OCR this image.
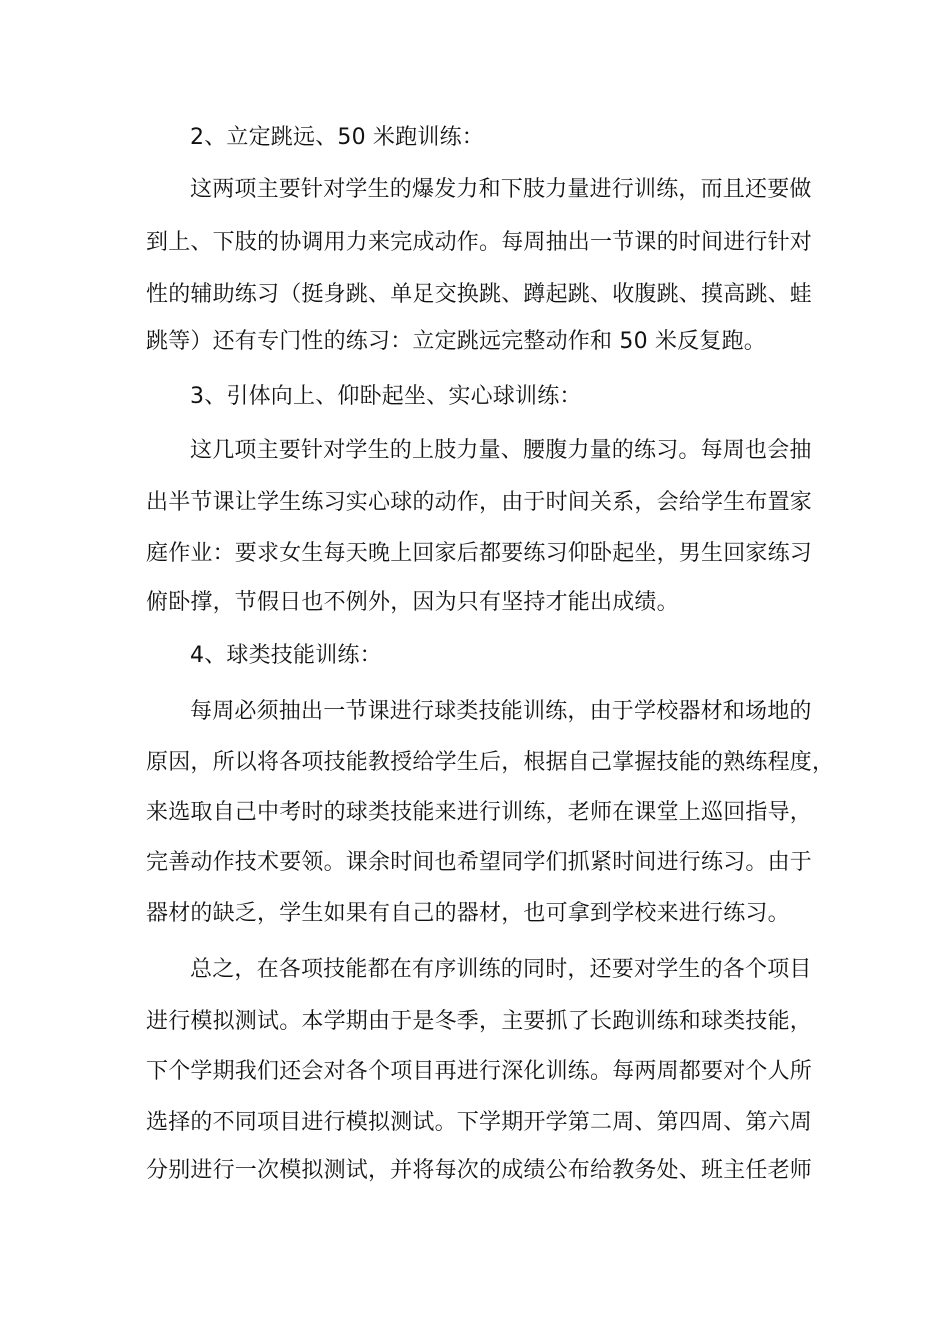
2、立定跳远、50 米跑训练：
这两项主要针对学生的爆发力和下肢力量进行训练，而且还要做
到上、下肢的协调用力来完成动作。每周抽出一节课的时间进行针对
性的辅助练习（挺身跳、单足交换跳、蹲起跳、收腹跳、摸高跳、蛙
跳等）还有专门性的练习：立定跳远完整动作和 50 米反复跑。
3、引体向上、仰卧起坐、实心球训练：
这几项主要针对学生的上肢力量、腰腹力量的练习。每周也会抽
出半节课让学生练习实心球的动作，由于时间关系，会给学生布置家
庭作业：要求女生每天晚上回家后都要练习仰卧起坐，男生回家练习
俯卧撑，节假日也不例外，因为只有坚持才能出成绩。
4、球类技能训练：
每周必须抽出一节课进行球类技能训练，由于学校器材和场地的
原因，所以将各项技能教授给学生后，根据自己掌握技能的熟练程度，
来选取自己中考时的球类技能来进行训练，老师在课堂上巡回指导，
完善动作技术要领。课余时间也希望同学们抓紧时间进行练习。由于
器材的缺乏，学生如果有自己的器材，也可拿到学校来进行练习。
总之，在各项技能都在有序训练的同时，还要对学生的各个项目
进行模拟测试。本学期由于是冬季，主要抓了长跑训练和球类技能，
下个学期我们还会对各个项目再进行深化训练。每两周都要对个人所
选择的不同项目进行模拟测试。下学期开学第二周、第四周、第六周
分别进行一次模拟测试，并将每次的成绩公布给教务处、班主任老师
